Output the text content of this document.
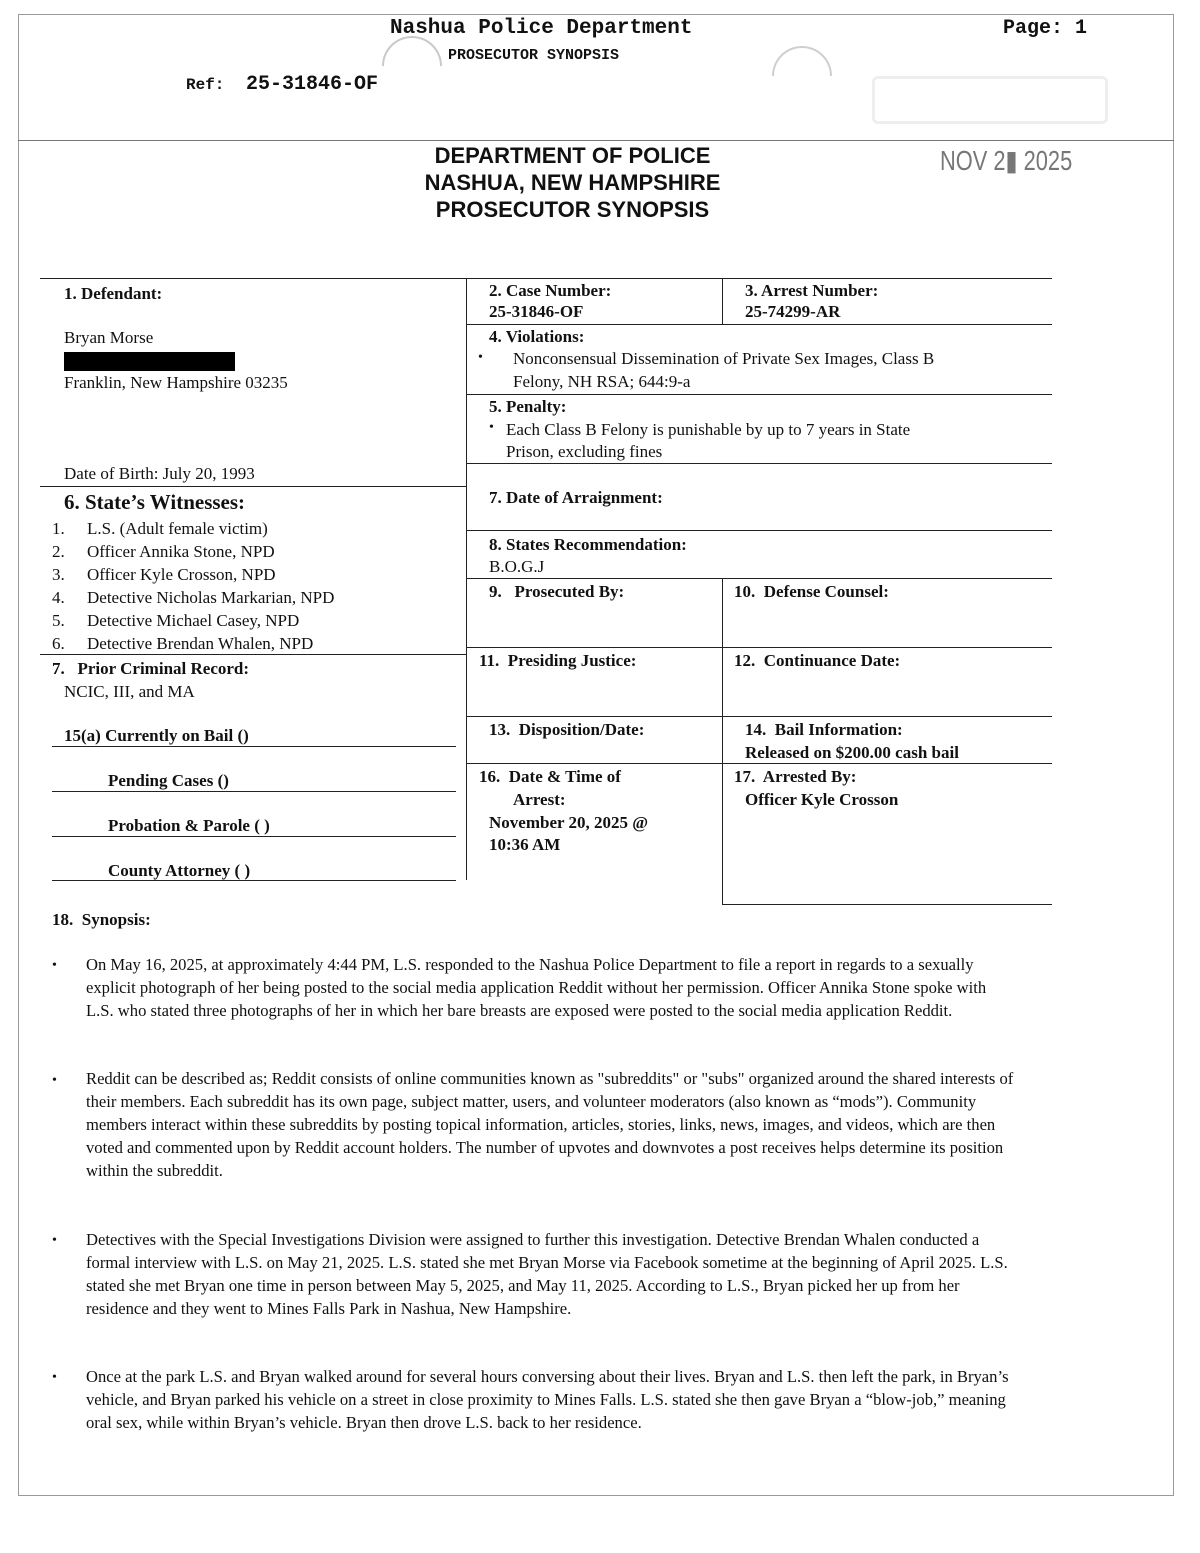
Nashua Police Department
PROSECUTOR SYNOPSIS
Page: 1
Ref: 25-31846-OF
NOV 2▮ 2025
DEPARTMENT OF POLICE
NASHUA, NEW HAMPSHIRE
PROSECUTOR SYNOPSIS
1. Defendant:
Bryan Morse
Franklin, New Hampshire 03235
Date of Birth: July 20, 1993
2. Case Number:
25-31846-OF
3. Arrest Number:
25-74299-AR
4. Violations:
• Nonconsensual Dissemination of Private Sex Images, Class B
Felony, NH RSA; 644:9-a
5. Penalty:
• Each Class B Felony is punishable by up to 7 years in State
Prison, excluding fines
6. State’s Witnesses:
1. L.S. (Adult female victim)
2. Officer Annika Stone, NPD
3. Officer Kyle Crosson, NPD
4. Detective Nicholas Markarian, NPD
5. Detective Michael Casey, NPD
6. Detective Brendan Whalen, NPD
7. Date of Arraignment:
8. States Recommendation:
B.O.G.J
9.   Prosecuted By:	10.  Defense Counsel:
7.   Prior Criminal Record:
NCIC, III, and MA
11.  Presiding Justice:	12.  Continuance Date:
15(a) Currently on Bail ()
Pending Cases ()
Probation & Parole ( )
County Attorney ( )
13.  Disposition/Date:	14.  Bail Information:
Released on $200.00 cash bail
16.  Date & Time of
Arrest:
November 20, 2025 @
10:36 AM
17.  Arrested By:
Officer Kyle Crosson
18.  Synopsis:
• On May 16, 2025, at approximately 4:44 PM, L.S. responded to the Nashua Police Department to file a report in regards to a sexually explicit photograph of her being posted to the social media application Reddit without her permission. Officer Annika Stone spoke with L.S. who stated three photographs of her in which her bare breasts are exposed were posted to the social media application Reddit.
• Reddit can be described as; Reddit consists of online communities known as "subreddits" or "subs" organized around the shared interests of their members. Each subreddit has its own page, subject matter, users, and volunteer moderators (also known as “mods”). Community members interact within these subreddits by posting topical information, articles, stories, links, news, images, and videos, which are then voted and commented upon by Reddit account holders. The number of upvotes and downvotes a post receives helps determine its position within the subreddit.
• Detectives with the Special Investigations Division were assigned to further this investigation. Detective Brendan Whalen conducted a formal interview with L.S. on May 21, 2025. L.S. stated she met Bryan Morse via Facebook sometime at the beginning of April 2025. L.S. stated she met Bryan one time in person between May 5, 2025, and May 11, 2025. According to L.S., Bryan picked her up from her residence and they went to Mines Falls Park in Nashua, New Hampshire.
• Once at the park L.S. and Bryan walked around for several hours conversing about their lives. Bryan and L.S. then left the park, in Bryan’s vehicle, and Bryan parked his vehicle on a street in close proximity to Mines Falls. L.S. stated she then gave Bryan a “blow-job,” meaning oral sex, while within Bryan’s vehicle. Bryan then drove L.S. back to her residence.
